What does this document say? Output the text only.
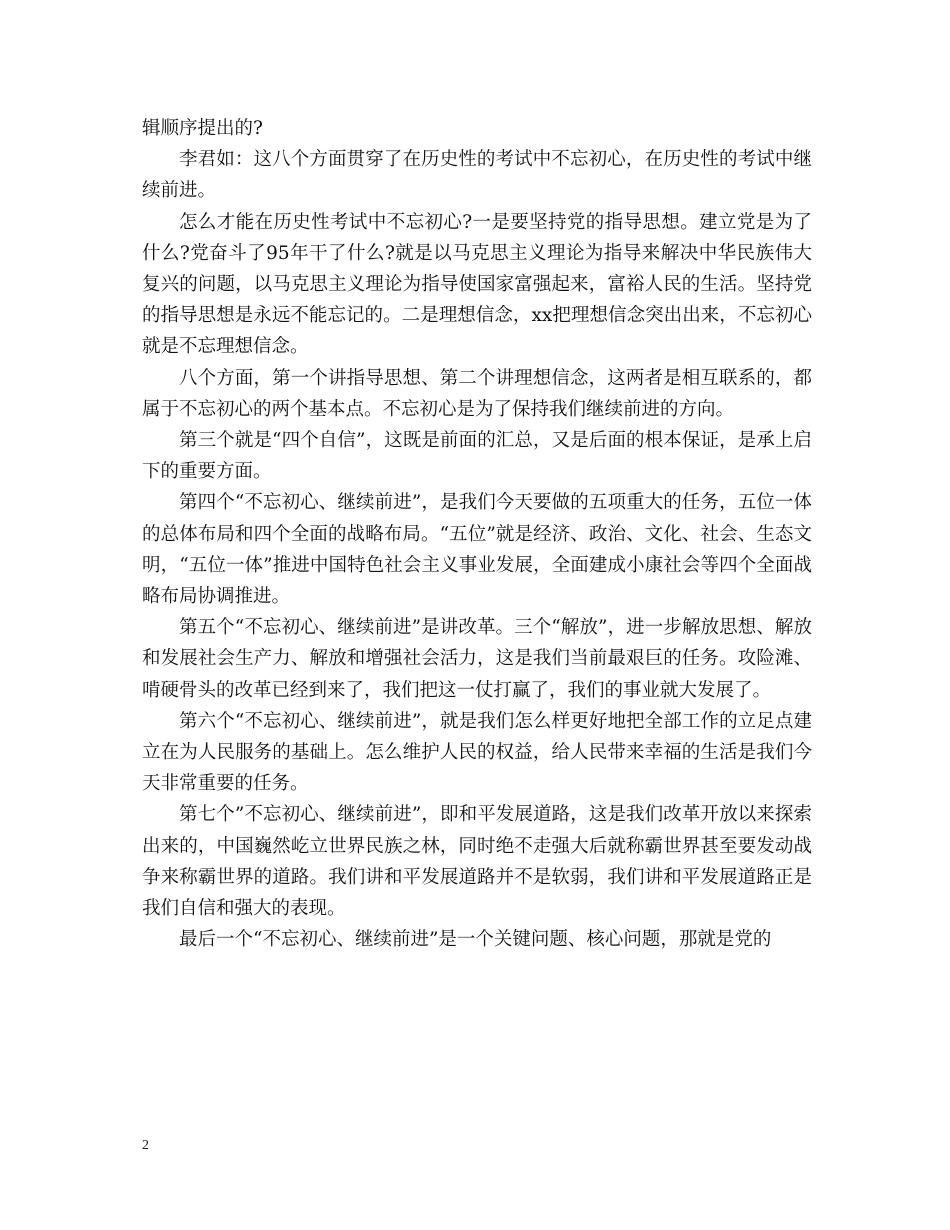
辑顺序提出的?

李君如：这八个方面贯穿了在历史性的考试中不忘初心，在历史性的考试中继续前进。

怎么才能在历史性考试中不忘初心?一是要坚持党的指导思想。建立党是为了什么?党奋斗了95年干了什么?就是以马克思主义理论为指导来解决中华民族伟大复兴的问题，以马克思主义理论为指导使国家富强起来，富裕人民的生活。坚持党的指导思想是永远不能忘记的。二是理想信念，xx把理想信念突出出来，不忘初心就是不忘理想信念。

八个方面，第一个讲指导思想、第二个讲理想信念，这两者是相互联系的，都属于不忘初心的两个基本点。不忘初心是为了保持我们继续前进的方向。

第三个就是“四个自信”，这既是前面的汇总，又是后面的根本保证，是承上启下的重要方面。

第四个“不忘初心、继续前进”，是我们今天要做的五项重大的任务，五位一体的总体布局和四个全面的战略布局。“五位”就是经济、政治、文化、社会、生态文明，“五位一体”推进中国特色社会主义事业发展，全面建成小康社会等四个全面战略布局协调推进。

第五个“不忘初心、继续前进”是讲改革。三个“解放”，进一步解放思想、解放和发展社会生产力、解放和增强社会活力，这是我们当前最艰巨的任务。攻险滩、啃硬骨头的改革已经到来了，我们把这一仗打赢了，我们的事业就大发展了。

第六个“不忘初心、继续前进”，就是我们怎么样更好地把全部工作的立足点建立在为人民服务的基础上。怎么维护人民的权益，给人民带来幸福的生活是我们今天非常重要的任务。

第七个”不忘初心、继续前进”，即和平发展道路，这是我们改革开放以来探索出来的，中国巍然屹立世界民族之林，同时绝不走强大后就称霸世界甚至要发动战争来称霸世界的道路。我们讲和平发展道路并不是软弱，我们讲和平发展道路正是我们自信和强大的表现。

最后一个“不忘初心、继续前进”是一个关键问题、核心问题，那就是党的

2
